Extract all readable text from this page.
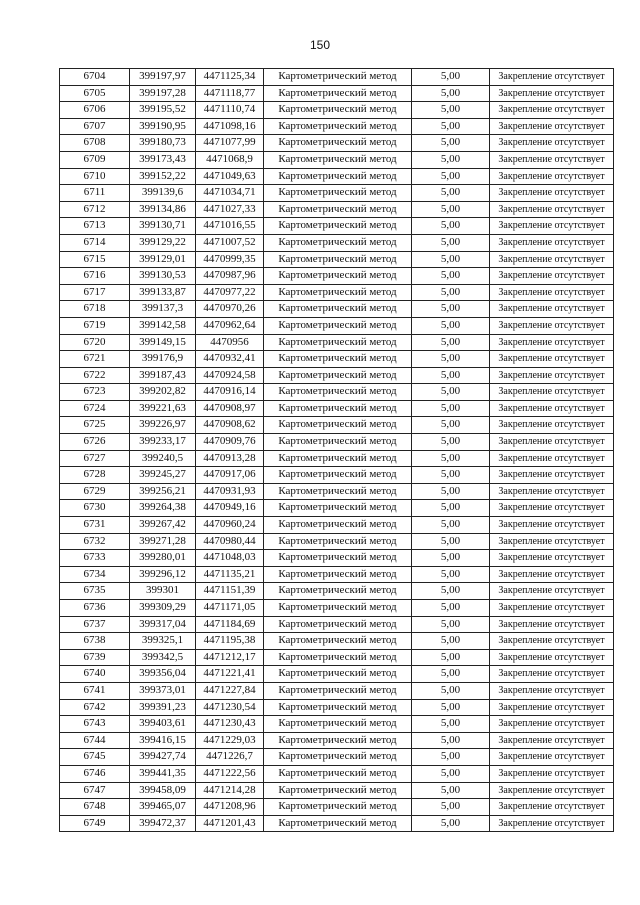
150
6704	399197,97	4471125,34	Картометрический метод	5,00	Закрепление отсутствует
6705	399197,28	4471118,77	Картометрический метод	5,00	Закрепление отсутствует
6706	399195,52	4471110,74	Картометрический метод	5,00	Закрепление отсутствует
6707	399190,95	4471098,16	Картометрический метод	5,00	Закрепление отсутствует
6708	399180,73	4471077,99	Картометрический метод	5,00	Закрепление отсутствует
6709	399173,43	4471068,9	Картометрический метод	5,00	Закрепление отсутствует
6710	399152,22	4471049,63	Картометрический метод	5,00	Закрепление отсутствует
6711	399139,6	4471034,71	Картометрический метод	5,00	Закрепление отсутствует
6712	399134,86	4471027,33	Картометрический метод	5,00	Закрепление отсутствует
6713	399130,71	4471016,55	Картометрический метод	5,00	Закрепление отсутствует
6714	399129,22	4471007,52	Картометрический метод	5,00	Закрепление отсутствует
6715	399129,01	4470999,35	Картометрический метод	5,00	Закрепление отсутствует
6716	399130,53	4470987,96	Картометрический метод	5,00	Закрепление отсутствует
6717	399133,87	4470977,22	Картометрический метод	5,00	Закрепление отсутствует
6718	399137,3	4470970,26	Картометрический метод	5,00	Закрепление отсутствует
6719	399142,58	4470962,64	Картометрический метод	5,00	Закрепление отсутствует
6720	399149,15	4470956	Картометрический метод	5,00	Закрепление отсутствует
6721	399176,9	4470932,41	Картометрический метод	5,00	Закрепление отсутствует
6722	399187,43	4470924,58	Картометрический метод	5,00	Закрепление отсутствует
6723	399202,82	4470916,14	Картометрический метод	5,00	Закрепление отсутствует
6724	399221,63	4470908,97	Картометрический метод	5,00	Закрепление отсутствует
6725	399226,97	4470908,62	Картометрический метод	5,00	Закрепление отсутствует
6726	399233,17	4470909,76	Картометрический метод	5,00	Закрепление отсутствует
6727	399240,5	4470913,28	Картометрический метод	5,00	Закрепление отсутствует
6728	399245,27	4470917,06	Картометрический метод	5,00	Закрепление отсутствует
6729	399256,21	4470931,93	Картометрический метод	5,00	Закрепление отсутствует
6730	399264,38	4470949,16	Картометрический метод	5,00	Закрепление отсутствует
6731	399267,42	4470960,24	Картометрический метод	5,00	Закрепление отсутствует
6732	399271,28	4470980,44	Картометрический метод	5,00	Закрепление отсутствует
6733	399280,01	4471048,03	Картометрический метод	5,00	Закрепление отсутствует
6734	399296,12	4471135,21	Картометрический метод	5,00	Закрепление отсутствует
6735	399301	4471151,39	Картометрический метод	5,00	Закрепление отсутствует
6736	399309,29	4471171,05	Картометрический метод	5,00	Закрепление отсутствует
6737	399317,04	4471184,69	Картометрический метод	5,00	Закрепление отсутствует
6738	399325,1	4471195,38	Картометрический метод	5,00	Закрепление отсутствует
6739	399342,5	4471212,17	Картометрический метод	5,00	Закрепление отсутствует
6740	399356,04	4471221,41	Картометрический метод	5,00	Закрепление отсутствует
6741	399373,01	4471227,84	Картометрический метод	5,00	Закрепление отсутствует
6742	399391,23	4471230,54	Картометрический метод	5,00	Закрепление отсутствует
6743	399403,61	4471230,43	Картометрический метод	5,00	Закрепление отсутствует
6744	399416,15	4471229,03	Картометрический метод	5,00	Закрепление отсутствует
6745	399427,74	4471226,7	Картометрический метод	5,00	Закрепление отсутствует
6746	399441,35	4471222,56	Картометрический метод	5,00	Закрепление отсутствует
6747	399458,09	4471214,28	Картометрический метод	5,00	Закрепление отсутствует
6748	399465,07	4471208,96	Картометрический метод	5,00	Закрепление отсутствует
6749	399472,37	4471201,43	Картометрический метод	5,00	Закрепление отсутствует
